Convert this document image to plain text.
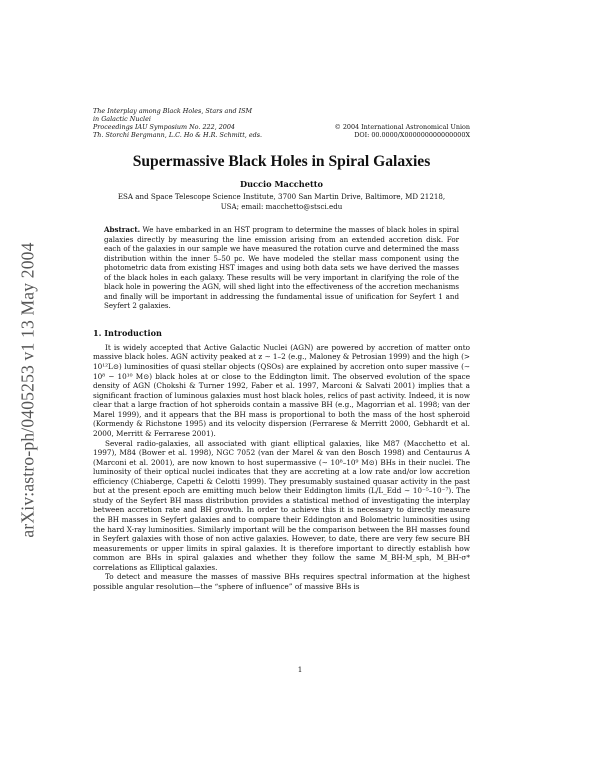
arXiv:astro-ph/0405253 v1 13 May 2004
The Interplay among Black Holes, Stars and ISM
in Galactic Nuclei
Proceedings IAU Symposium No. 222, 2004	© 2004 International Astronomical Union
Th. Storchi Bergmann, L.C. Ho & H.R. Schmitt, eds.	DOI: 00.0000/X000000000000000X
Supermassive Black Holes in Spiral Galaxies
Duccio Macchetto
ESA and Space Telescope Science Institute, 3700 San Martin Drive, Baltimore, MD 21218,
USA; email: macchetto@stsci.edu
Abstract. We have embarked in an HST program to determine the masses of black holes in spiral galaxies directly by measuring the line emission arising from an extended accretion disk. For each of the galaxies in our sample we have measured the rotation curve and determined the mass distribution within the inner 5–50 pc. We have modeled the stellar mass component using the photometric data from existing HST images and using both data sets we have derived the masses of the black holes in each galaxy. These results will be very important in clarifying the role of the black hole in powering the AGN, will shed light into the effectiveness of the accretion mechanisms and finally will be important in addressing the fundamental issue of unification for Seyfert 1 and Seyfert 2 galaxies.
1. Introduction

It is widely accepted that Active Galactic Nuclei (AGN) are powered by accretion of matter onto massive black holes. AGN activity peaked at z ∼ 1–2 (e.g., Maloney & Petrosian 1999) and the high (> 10¹²L⊙) luminosities of quasi stellar objects (QSOs) are explained by accretion onto super massive (∼ 10⁸ − 10¹⁰ M⊙) black holes at or close to the Eddington limit. The observed evolution of the space density of AGN (Chokshi & Turner 1992, Faber et al. 1997, Marconi & Salvati 2001) implies that a significant fraction of luminous galaxies must host black holes, relics of past activity. Indeed, it is now clear that a large fraction of hot spheroids contain a massive BH (e.g., Magorrian et al. 1998; van der Marel 1999), and it appears that the BH mass is proportional to both the mass of the host spheroid (Kormendy & Richstone 1995) and its velocity dispersion (Ferrarese & Merritt 2000, Gebhardt et al. 2000, Merritt & Ferrarese 2001).

Several radio-galaxies, all associated with giant elliptical galaxies, like M87 (Macchetto et al. 1997), M84 (Bower et al. 1998), NGC 7052 (van der Marel & van den Bosch 1998) and Centaurus A (Marconi et al. 2001), are now known to host supermassive (∼ 10⁸–10⁹ M⊙) BHs in their nuclei. The luminosity of their optical nuclei indicates that they are accreting at a low rate and/or low accretion efficiency (Chiaberge, Capetti & Celotti 1999). They presumably sustained quasar activity in the past but at the present epoch are emitting much below their Eddington limits (L/L_Edd ∼ 10⁻⁵–10⁻⁷). The study of the Seyfert BH mass distribution provides a statistical method of investigating the interplay between accretion rate and BH growth. In order to achieve this it is necessary to directly measure the BH masses in Seyfert galaxies and to compare their Eddington and Bolometric luminosities using the hard X-ray luminosities. Similarly important will be the comparison between the BH masses found in Seyfert galaxies with those of non active galaxies. However, to date, there are very few secure BH measurements or upper limits in spiral galaxies. It is therefore important to directly establish how common are BHs in spiral galaxies and whether they follow the same M_BH-M_sph, M_BH-σ* correlations as Elliptical galaxies.

To detect and measure the masses of massive BHs requires spectral information at the highest possible angular resolution—the “sphere of influence” of massive BHs is

1
